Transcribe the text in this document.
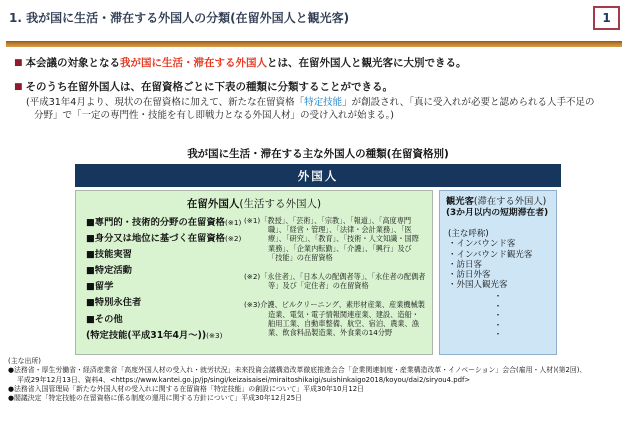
1. 我が国に生活・滞在する外国人の分類(在留外国人と観光客)	1
■ 本会議の対象となる我が国に生活・滞在する外国人とは、在留外国人と観光客に大別できる。
■ そのうち在留外国人は、在留資格ごとに下表の種類に分類することができる。
(平成31年4月より、現状の在留資格に加えて、新たな在留資格「特定技能」が創設され、「真に受入れが必要と認められる人手不足の
分野」で「一定の専門性・技能を有し即戦力となる外国人材」の受け入れが始まる。)
我が国に生活・滞在する主な外国人の種類(在留資格別)
外国人
在留外国人(生活する外国人)
■専門的・技術的分野の在留資格(※1)
■身分又は地位に基づく在留資格(※2)
■技能実習
■特定活動
■留学
■特別永住者
■その他
(特定技能(平成31年4月～))(※3)
(※1)「教授」、「芸術」、「宗教」、「報道」、「高度専門職」、「経営・管理」、「法律・会計業務」、「医療」、「研究」、「教育」、「技術・人文知識・国際業務」、「企業内転勤」、「介護」、「興行」及び「技能」の在留資格
(※2)「永住者」、「日本人の配偶者等」、「永住者の配偶者等」及び「定住者」の在留資格
(※3)介護、ビルクリーニング、素形材産業、産業機械製造業、電気・電子情報関連産業、建設、造船・舶用工業、自動車整備、航空、宿泊、農業、漁業、飲食料品製造業、外食業の14分野
観光客(滞在する外国人)
(3か月以内の短期滞在者)
(主な呼称)
・インバウンド客
・インバウンド観光客
・訪日客
・訪日外客
・外国人観光客
・
・
・
・
・
(主な出所)
●法務省・厚生労働省・経済産業省「高度外国人材の受入れ・就労状況」未来投資会議構造改革徹底推進会合「企業関連制度・産業構造改革・イノベーション」会合(雇用・人材)(第2回)、
平成29年12月13日、資料4、<https://www.kantei.go.jp/jp/singi/keizaisaisei/miraitoshikaigi/suishinkaigo2018/koyou/dai2/siryou4.pdf>
●法務省入国管理局「新たな外国人材の受入れに関する在留資格「特定技能」の創設について」平成30年10月12日
●閣議決定「特定技能の在留資格に係る制度の運用に関する方針について」平成30年12月25日
